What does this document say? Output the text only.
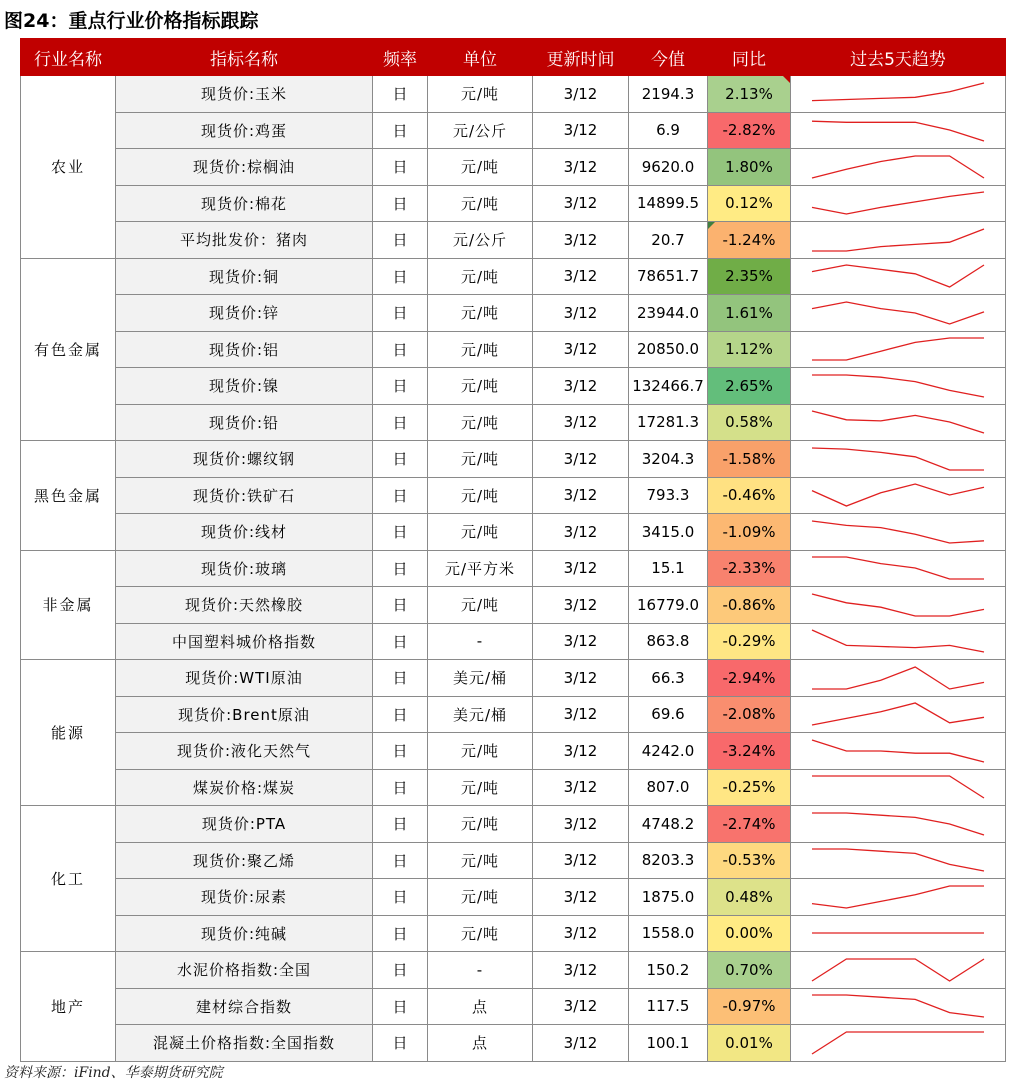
图24：重点行业价格指标跟踪
行业名称	指标名称	频率	单位	更新时间	今值	同比	过去5天趋势
农业	现货价:玉米	日	元/吨	3/12	2194.3	2.13%

	现货价:鸡蛋	日	元/公斤	3/12	6.9	-2.82%	

	现货价:棕榈油	日	元/吨	3/12	9620.0	1.80%	

	现货价:棉花	日	元/吨	3/12	14899.5	0.12%	

	平均批发价：猪肉	日	元/公斤	3/12	20.7	-1.24%

有色金属	现货价:铜	日	元/吨	3/12	78651.7	2.35%	

	现货价:锌	日	元/吨	3/12	23944.0	1.61%	

	现货价:铝	日	元/吨	3/12	20850.0	1.12%	

	现货价:镍	日	元/吨	3/12	132466.7	2.65%	

	现货价:铅	日	元/吨	3/12	17281.3	0.58%	

黑色金属	现货价:螺纹钢	日	元/吨	3/12	3204.3	-1.58%	

	现货价:铁矿石	日	元/吨	3/12	793.3	-0.46%	

	现货价:线材	日	元/吨	3/12	3415.0	-1.09%	

非金属	现货价:玻璃	日	元/平方米	3/12	15.1	-2.33%	

	现货价:天然橡胶	日	元/吨	3/12	16779.0	-0.86%	

	中国塑料城价格指数	日	-	3/12	863.8	-0.29%	

能源	现货价:WTI原油	日	美元/桶	3/12	66.3	-2.94%	

	现货价:Brent原油	日	美元/桶	3/12	69.6	-2.08%	

	现货价:液化天然气	日	元/吨	3/12	4242.0	-3.24%	

	煤炭价格:煤炭	日	元/吨	3/12	807.0	-0.25%	

化工	现货价:PTA	日	元/吨	3/12	4748.2	-2.74%	

	现货价:聚乙烯	日	元/吨	3/12	8203.3	-0.53%	

	现货价:尿素	日	元/吨	3/12	1875.0	0.48%	

	现货价:纯碱	日	元/吨	3/12	1558.0	0.00%	

地产	水泥价格指数:全国	日	-	3/12	150.2	0.70%	

	建材综合指数	日	点	3/12	117.5	-0.97%	

	混凝土价格指数:全国指数	日	点	3/12	100.1	0.01%	
资料来源：iFind、华泰期货研究院
